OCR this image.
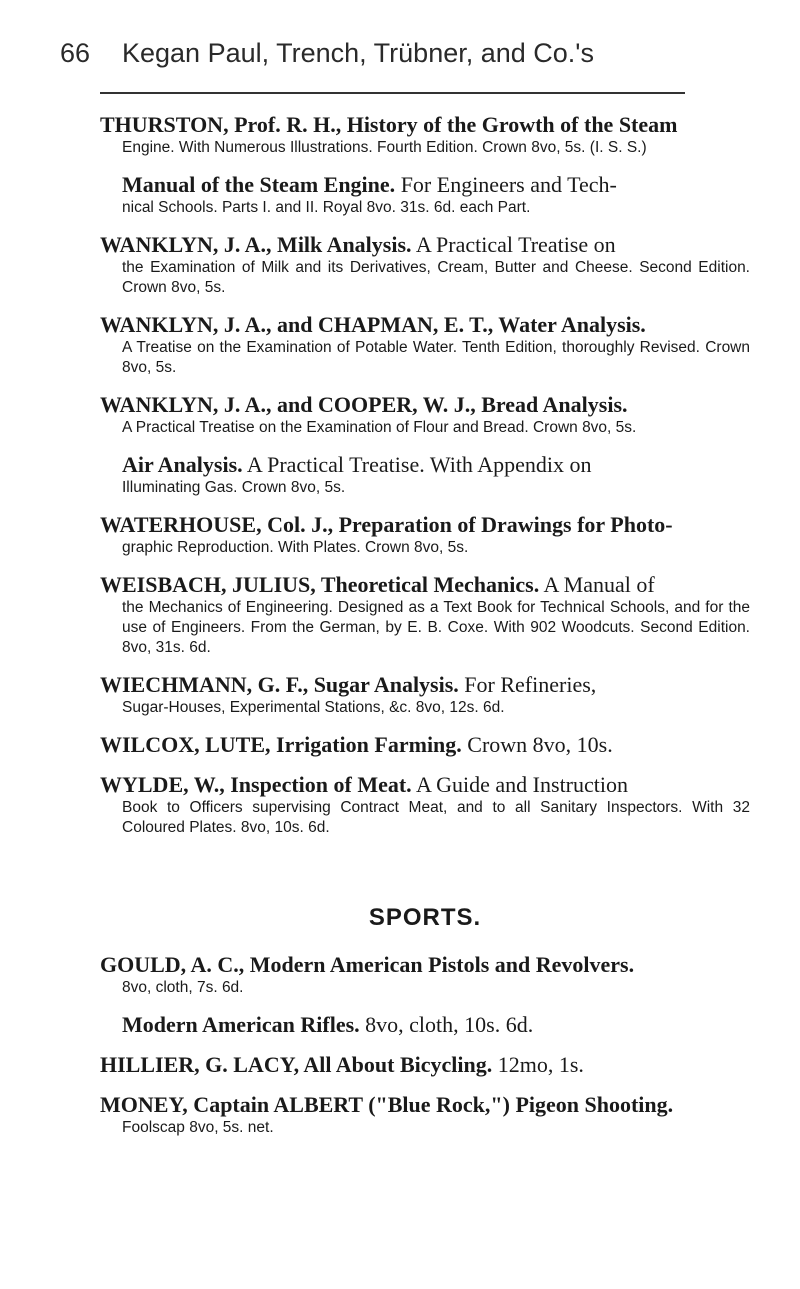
66 Kegan Paul, Trench, Trübner, and Co.'s
THURSTON, Prof. R. H., History of the Growth of the Steam
Engine. With Numerous Illustrations. Fourth Edition. Crown 8vo, 5s. (I. S. S.)
Manual of the Steam Engine. For Engineers and Tech-
nical Schools. Parts I. and II. Royal 8vo. 31s. 6d. each Part.
WANKLYN, J. A., Milk Analysis. A Practical Treatise on
the Examination of Milk and its Derivatives, Cream, Butter and Cheese. Second Edition. Crown 8vo, 5s.
WANKLYN, J. A., and CHAPMAN, E. T., Water Analysis.
A Treatise on the Examination of Potable Water. Tenth Edition, thoroughly Revised. Crown 8vo, 5s.
WANKLYN, J. A., and COOPER, W. J., Bread Analysis.
A Practical Treatise on the Examination of Flour and Bread. Crown 8vo, 5s.
Air Analysis. A Practical Treatise. With Appendix on
Illuminating Gas. Crown 8vo, 5s.
WATERHOUSE, Col. J., Preparation of Drawings for Photo-
graphic Reproduction. With Plates. Crown 8vo, 5s.
WEISBACH, JULIUS, Theoretical Mechanics. A Manual of
the Mechanics of Engineering. Designed as a Text Book for Technical Schools, and for the use of Engineers. From the German, by E. B. Coxe. With 902 Woodcuts. Second Edition. 8vo, 31s. 6d.
WIECHMANN, G. F., Sugar Analysis. For Refineries,
Sugar-Houses, Experimental Stations, &c. 8vo, 12s. 6d.
WILCOX, LUTE, Irrigation Farming. Crown 8vo, 10s.
WYLDE, W., Inspection of Meat. A Guide and Instruction
Book to Officers supervising Contract Meat, and to all Sanitary Inspectors. With 32 Coloured Plates. 8vo, 10s. 6d.
SPORTS.
GOULD, A. C., Modern American Pistols and Revolvers.
8vo, cloth, 7s. 6d.
Modern American Rifles. 8vo, cloth, 10s. 6d.
HILLIER, G. LACY, All About Bicycling. 12mo, 1s.
MONEY, Captain ALBERT ("Blue Rock,") Pigeon Shooting.
Foolscap 8vo, 5s. net.
